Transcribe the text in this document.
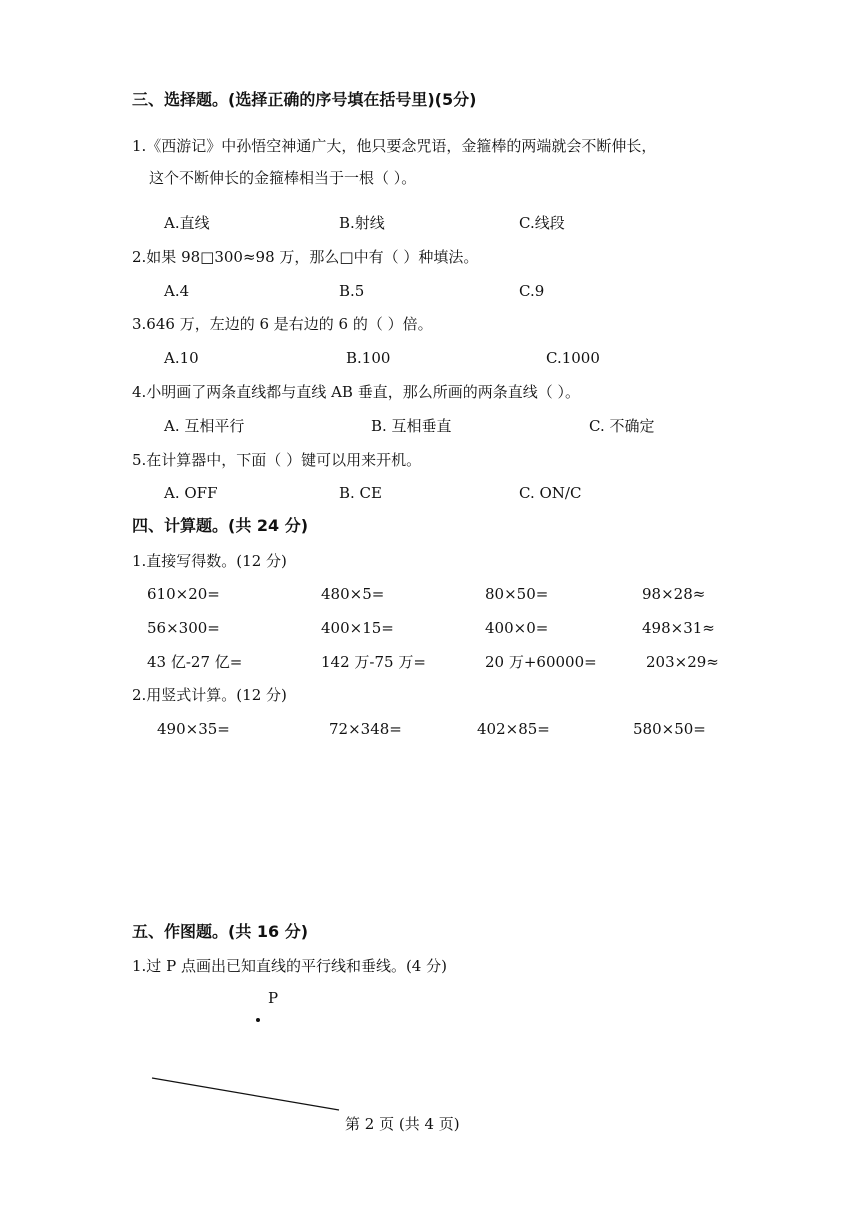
三、选择题。(选择正确的序号填在括号里)(5分)
1.《西游记》中孙悟空神通广大，他只要念咒语，金箍棒的两端就会不断伸长，
这个不断伸长的金箍棒相当于一根（ ）。
A.直线	B.射线	C.线段
2.如果 98□300≈98 万，那么□中有（ ）种填法。
A.4	B.5	C.9
3.646 万，左边的 6 是右边的 6 的（ ）倍。
A.10	B.100	C.1000
4.小明画了两条直线都与直线 AB 垂直，那么所画的两条直线（ ）。
A. 互相平行	B. 互相垂直	C. 不确定
5.在计算器中，下面（ ）键可以用来开机。
A. OFF	B. CE	C. ON/C
四、计算题。(共 24 分)
1.直接写得数。(12 分)
610×20=	480×5=	80×50=	98×28≈
56×300=	400×15=	400×0=	498×31≈
43 亿-27 亿=	142 万-75 万=	20 万+60000=	203×29≈
2.用竖式计算。(12 分)
490×35=	72×348=	402×85=	580×50=
五、作图题。(共 16 分)
1.过 P 点画出已知直线的平行线和垂线。(4 分)
P
第 2 页 (共 4 页)
